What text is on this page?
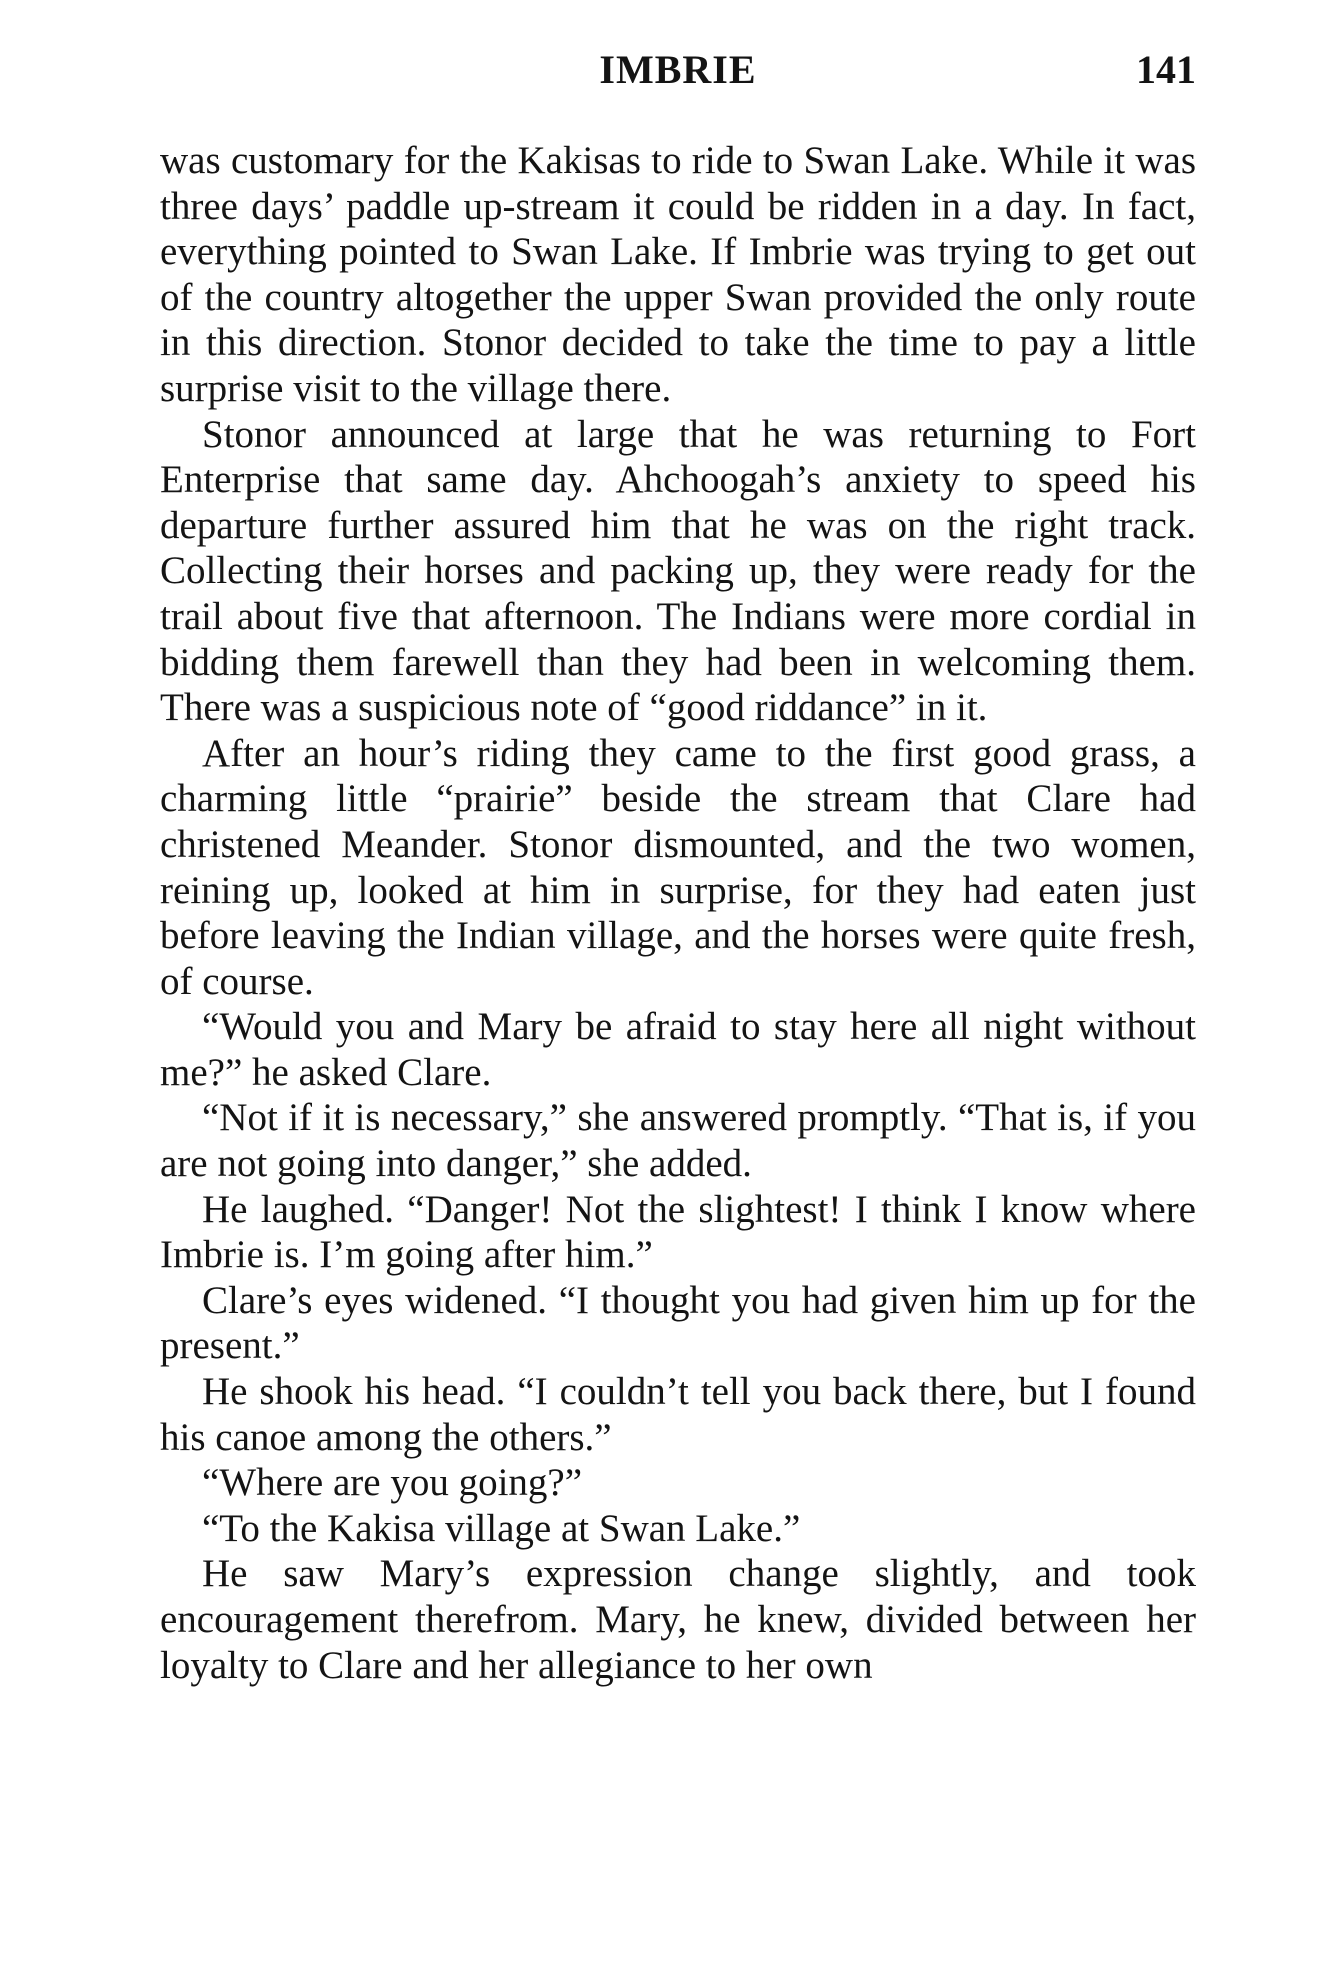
IMBRIE	141

was customary for the Kakisas to ride to Swan Lake. While it was three days’ paddle up-stream it could be ridden in a day. In fact, everything pointed to Swan Lake. If Imbrie was trying to get out of the country altogether the upper Swan provided the only route in this direction. Stonor decided to take the time to pay a little surprise visit to the village there.

Stonor announced at large that he was returning to Fort Enterprise that same day. Ahchoogah’s anxiety to speed his departure further assured him that he was on the right track. Collecting their horses and packing up, they were ready for the trail about five that afternoon. The Indians were more cordial in bidding them farewell than they had been in welcoming them. There was a suspicious note of “good riddance” in it.

After an hour’s riding they came to the first good grass, a charming little “prairie” beside the stream that Clare had christened Meander. Stonor dismounted, and the two women, reining up, looked at him in surprise, for they had eaten just before leaving the Indian village, and the horses were quite fresh, of course.

“Would you and Mary be afraid to stay here all night without me?” he asked Clare.

“Not if it is necessary,” she answered promptly. “That is, if you are not going into danger,” she added.

He laughed. “Danger! Not the slightest! I think I know where Imbrie is. I’m going after him.”

Clare’s eyes widened. “I thought you had given him up for the present.”

He shook his head. “I couldn’t tell you back there, but I found his canoe among the others.”

“Where are you going?”

“To the Kakisa village at Swan Lake.”

He saw Mary’s expression change slightly, and took encouragement therefrom. Mary, he knew, divided between her loyalty to Clare and her allegiance to her own
